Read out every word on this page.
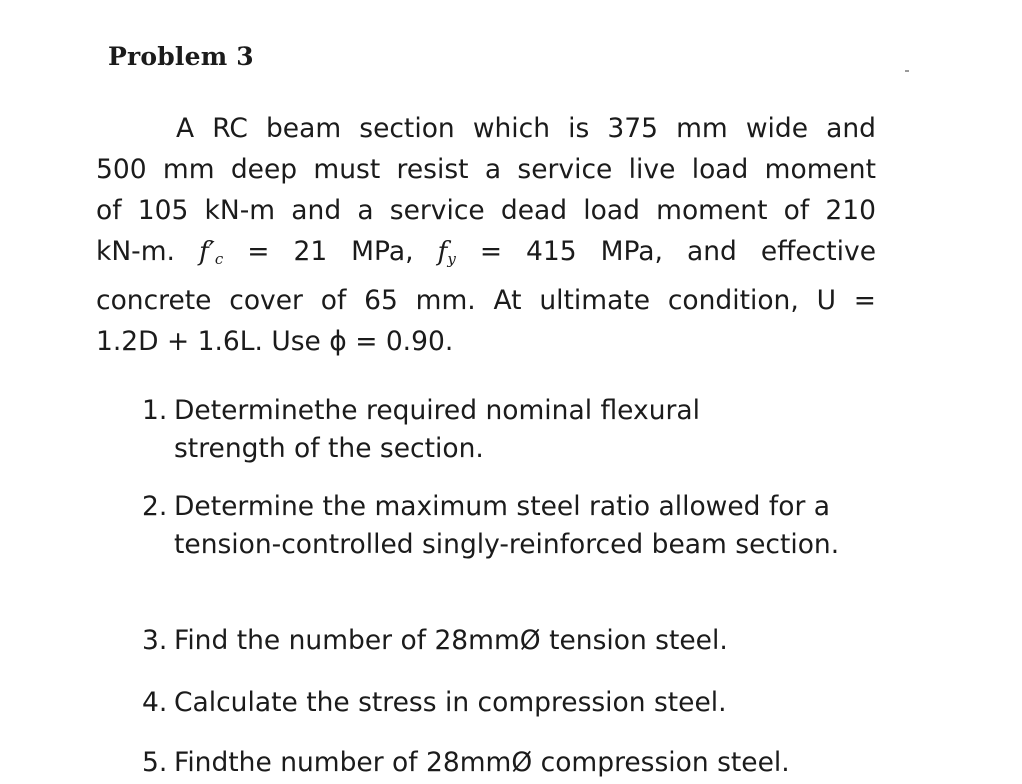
Problem 3
A RC beam section which is 375 mm wide and
500 mm deep must resist a service live load moment
of 105 kN-m and a service dead load moment of 210
kN-m. $f'_c = 21$ MPa, $f_y = 415$ MPa, and effective
concrete cover of 65 mm. At ultimate condition, U =
1.2D + 1.6L. Use ϕ = 0.90.
1. Determinethe required nominal flexural strength of the section.
2. Determine the maximum steel ratio allowed for a tension-controlled singly-reinforced beam section.
3. Find the number of 28mmØ tension steel.
4. Calculate the stress in compression steel.
5. Findthe number of 28mmØ compression steel.
